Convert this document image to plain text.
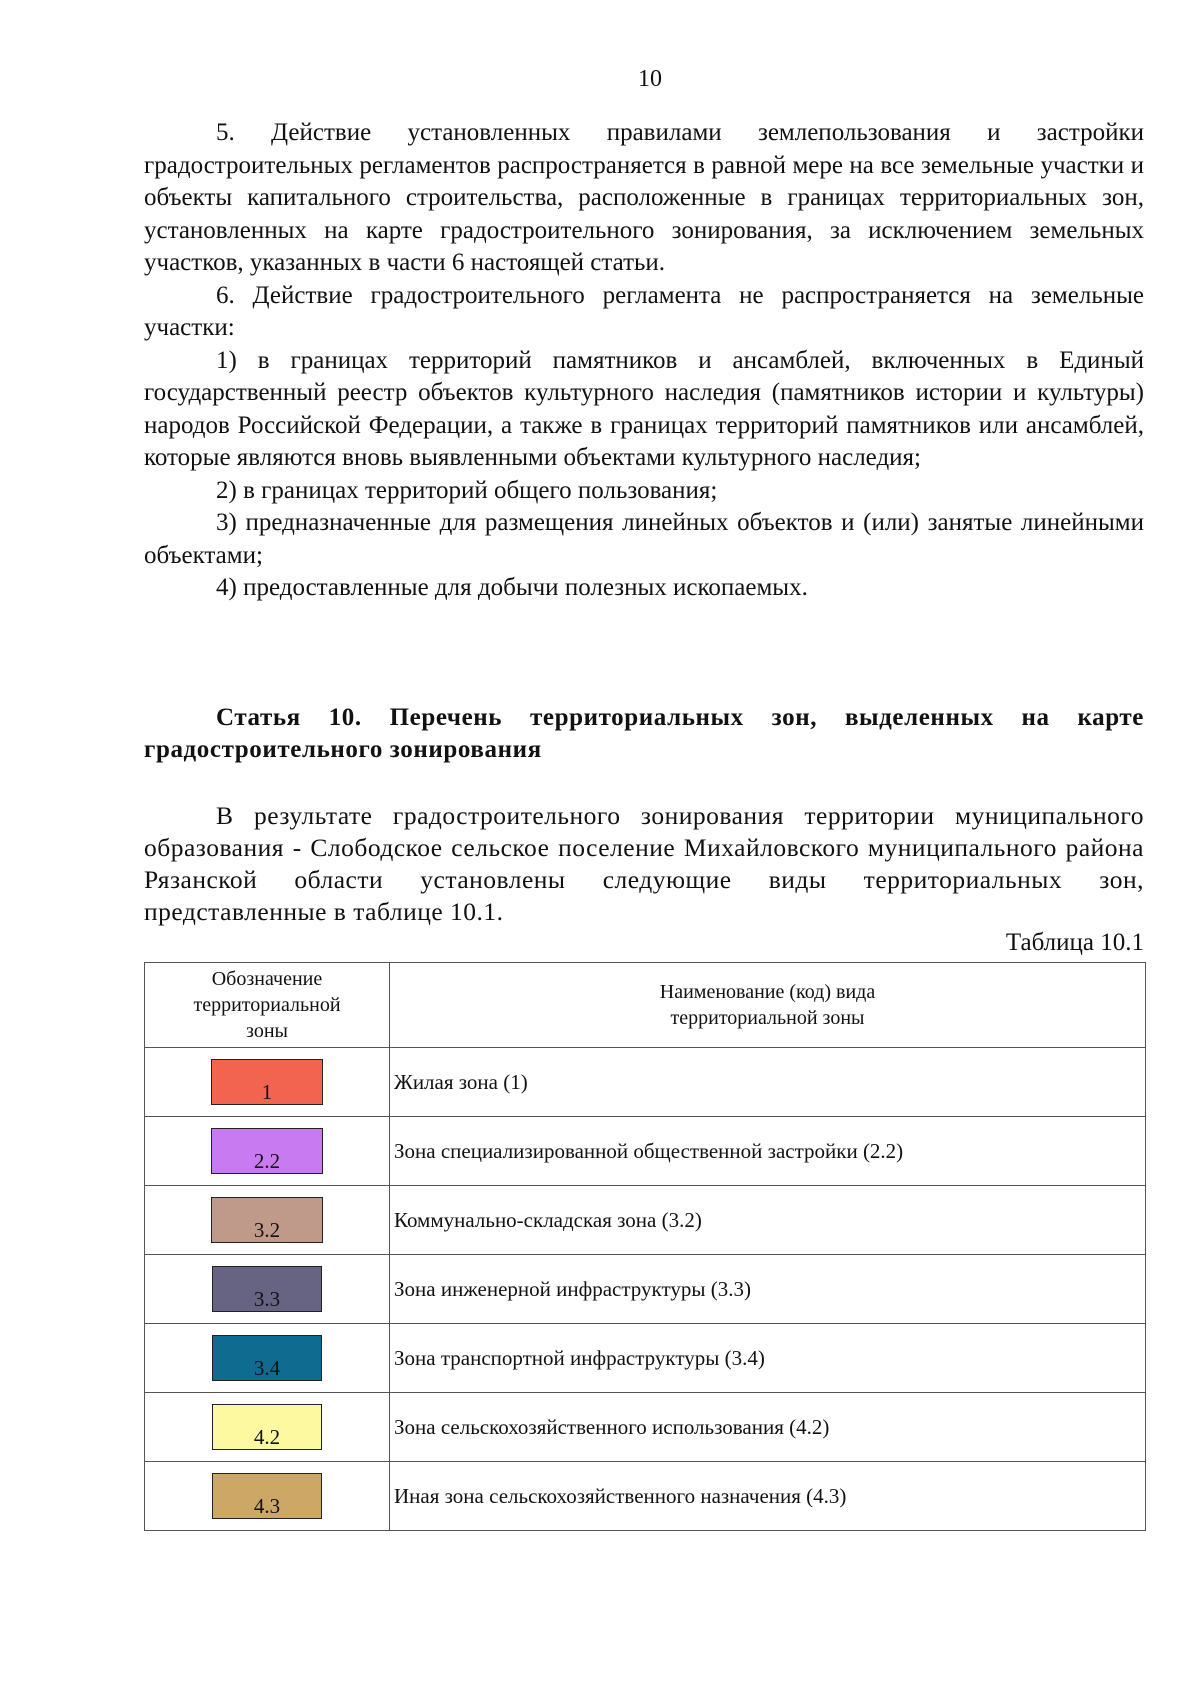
10

5. Действие установленных правилами землепользования и застройки градостроительных регламентов распространяется в равной мере на все земельные участки и объекты капитального строительства, расположенные в границах территориальных зон, установленных на карте градостроительного зонирования, за исключением земельных участков, указанных в части 6 настоящей статьи.

6. Действие градостроительного регламента не распространяется на земельные участки:

1) в границах территорий памятников и ансамблей, включенных в Единый государственный реестр объектов культурного наследия (памятников истории и культуры) народов Российской Федерации, а также в границах территорий памятников или ансамблей, которые являются вновь выявленными объектами культурного наследия;

2) в границах территорий общего пользования;

3) предназначенные для размещения линейных объектов и (или) занятые линейными объектами;

4) предоставленные для добычи полезных ископаемых.

Статья 10. Перечень территориальных зон, выделенных на карте градостроительного зонирования
В результате градостроительного зонирования территории муниципального образования - Слободское сельское поселение Михайловского муниципального района Рязанской области установлены следующие виды территориальных зон, представленные в таблице 10.1.
Таблица 10.1
Обозначение территориальной зоны	Наименование (код) вида территориальной зоны
1	Жилая зона (1)
2.2	Зона специализированной общественной застройки (2.2)
3.2	Коммунально-складская зона (3.2)
3.3	Зона инженерной инфраструктуры (3.3)
3.4	Зона транспортной инфраструктуры (3.4)
4.2	Зона сельскохозяйственного использования (4.2)
4.3	Иная зона сельскохозяйственного назначения (4.3)
